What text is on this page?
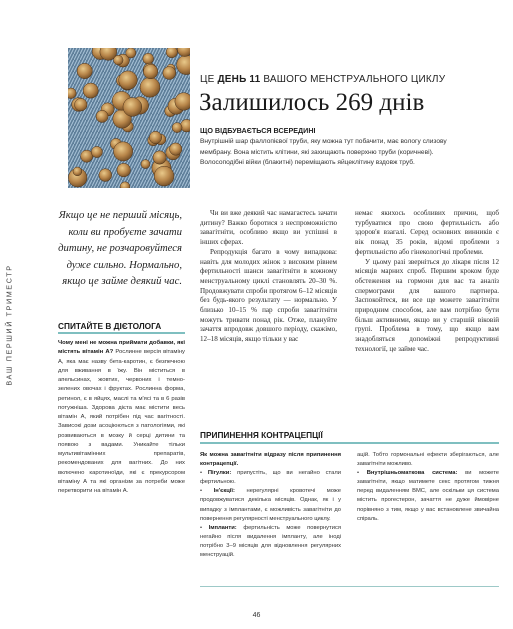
ВАШ ПЕРШИЙ ТРИМЕСТР
ЦЕ ДЕНЬ 11 ВАШОГО МЕНСТРУАЛЬНОГО ЦИКЛУ
Залишилось 269 днів
ЩО ВІДБУВАЄТЬСЯ ВСЕРЕДИНІ
Внутрішній шар фаллопієвої труби, яку можна тут побачити, має вологу слизову
мембрану. Вона містить клітини, які захищають поверхню труби (коричневі).
Волосоподібні війки (блакитні) переміщають яйцеклітину вздовж труб.
Якщо це не перший місяць, коли ви пробуєте зачати дитину, не розчаровуйтеся дуже сильно. Нормально, якщо це займе деякий час.
СПИТАЙТЕ В ДІЄТОЛОГА
Чому мені не можна приймати добавки, які містять вітамін А? Рослинне версія вітаміну А, яка має назву бета-каротин, є безпечною для вживання в їжу. Він міститься в апельсинах, жовтих, червоних і темно-зелених овочах і фруктах. Рослинна форма, ретинол, є в яйцях, маслі та м'ясі та в 6 разів потужніша. Здорова дієта має містити весь вітамін А, який потрібен під час вагітності. Зависокі дози асоціюються з патологіями, які розвиваються в мозку й серці дитини та появою з вадами. Уникайте тільки мультивітамінних препаратів, рекомендованих для вагітних. До них включено каротиноїди, які є прекурсором вітаміну А та які організм за потреби може перетворити на вітамін А.

Чи ви вже деякий час намагаєтесь зачати дитину? Важко боротися з неспроможністю завагітніти, особливо якщо ви успішні в інших сферах.

Репродукція багато в чому випадкова: навіть для молодих жінок з високим рівнем фертильності шанси завагітніти в кожному менструальному циклі становлять 20–30 %. Продовжувати спроби протягом 6–12 місяців без будь-якого результату — нормально. У близько 10–15 % пар спроби завагітніти можуть тривати понад рік. Отже, плануйте зачаття впродовж довшого періоду, скажімо, 12–18 місяців, якщо тільки у вас

немає якихось особливих причин, щоб турбуватися про свою фертильність або здоров'я взагалі. Серед основних винників є вік понад 35 років, відомі проблеми з фертильністю або гінекологічні проблеми.

У цьому разі зверніться до лікаря після 12 місяців марних спроб. Першим кроком буде обстеження на гормони для вас та аналіз спермограми для вашого партнера. Заспокойтеся, ви все ще можете завагітніти природним способом, але вам потрібно бути більш активними, якщо ви у старшій віковій групі. Проблема в тому, що якщо вам знадобляться допоміжні репродуктивні технології, це займе час.

ПРИПИНЕННЯ КОНТРАЦЕПЦІЇ

Як можна завагітніти відразу після припинення контрацепції.

• Пігулки: припустіть, що ви негайно стали фертильною.

• Ін'єкції: нерегулярні кровотечі може продовжуватися декілька місяців. Однак, як і у випадку з імплантами, є можливість завагітніти до повернення регулярності менструального циклу.

• Імпланти: фертильність може повернутися негайно після видалення імпланту, але іноді потрібно 3–9 місяців для відновлення регулярних менструацій.

ацій. Тобто гормональні ефекти зберігаються, але завагітніти можливо.

• Внутрішньоматкова система: ви можете завагітніти, якщо матимете секс протягом тижня перед видаленням ВМС, але оскільки ця система містить прогестерон, зачаття не дуже ймовірне порівняно з тим, якщо у вас встановлене звичайна спіраль.

46
